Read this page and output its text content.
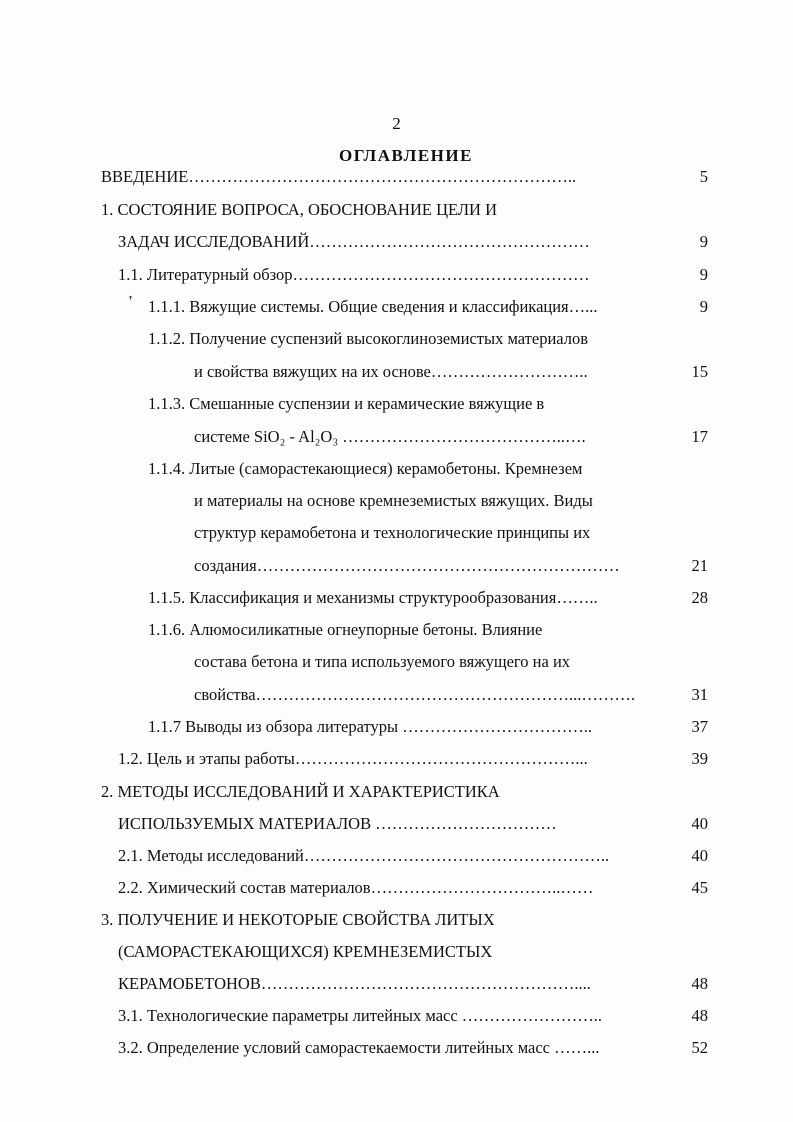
2
ОГЛАВЛЕНИЕ
ꜛ
ВВЕДЕНИЕ……………………………………………………………..	5
1. СОСТОЯНИЕ ВОПРОСА, ОБОСНОВАНИЕ ЦЕЛИ И
ЗАДАЧ ИССЛЕДОВАНИЙ……………………………………………	9
1.1. Литературный обзор………………………………………………	9
1.1.1. Вяжущие системы. Общие сведения и классификация…...	9
1.1.2. Получение суспензий высокоглиноземистых материалов
и свойства вяжущих на их основе………………………..	15
1.1.3. Смешанные суспензии и керамические вяжущие в
системе SiO₂ - Al₂O₃ …………………………………..….	17
1.1.4. Литые (саморастекающиеся) керамобетоны. Кремнезем
и материалы на основе кремнеземистых вяжущих. Виды
структур керамобетона и технологические принципы их
создания…………………………………………………………	21
1.1.5. Классификация и механизмы структурообразования……..	28
1.1.6. Алюмосиликатные огнеупорные бетоны. Влияние
состава бетона и типа используемого вяжущего на их
свойства…………………………………………………...……….	31
1.1.7 Выводы из обзора литературы ……………………………..	37
1.2. Цель и этапы работы……………………………………………...	39
2. МЕТОДЫ ИССЛЕДОВАНИЙ И ХАРАКТЕРИСТИКА
ИСПОЛЬЗУЕМЫХ МАТЕРИАЛОВ ……………………………	40
2.1. Методы исследований………………………………………………..	40
2.2. Химический состав материалов……………………………..……	45
3. ПОЛУЧЕНИЕ И НЕКОТОРЫЕ СВОЙСТВА ЛИТЫХ
(САМОРАСТЕКАЮЩИХСЯ) КРЕМНЕЗЕМИСТЫХ
КЕРАМОБЕТОНОВ…………………………………………………....	48
3.1. Технологические параметры литейных масс ……………………..	48
3.2. Определение условий саморастекаемости литейных масс ……...	52
